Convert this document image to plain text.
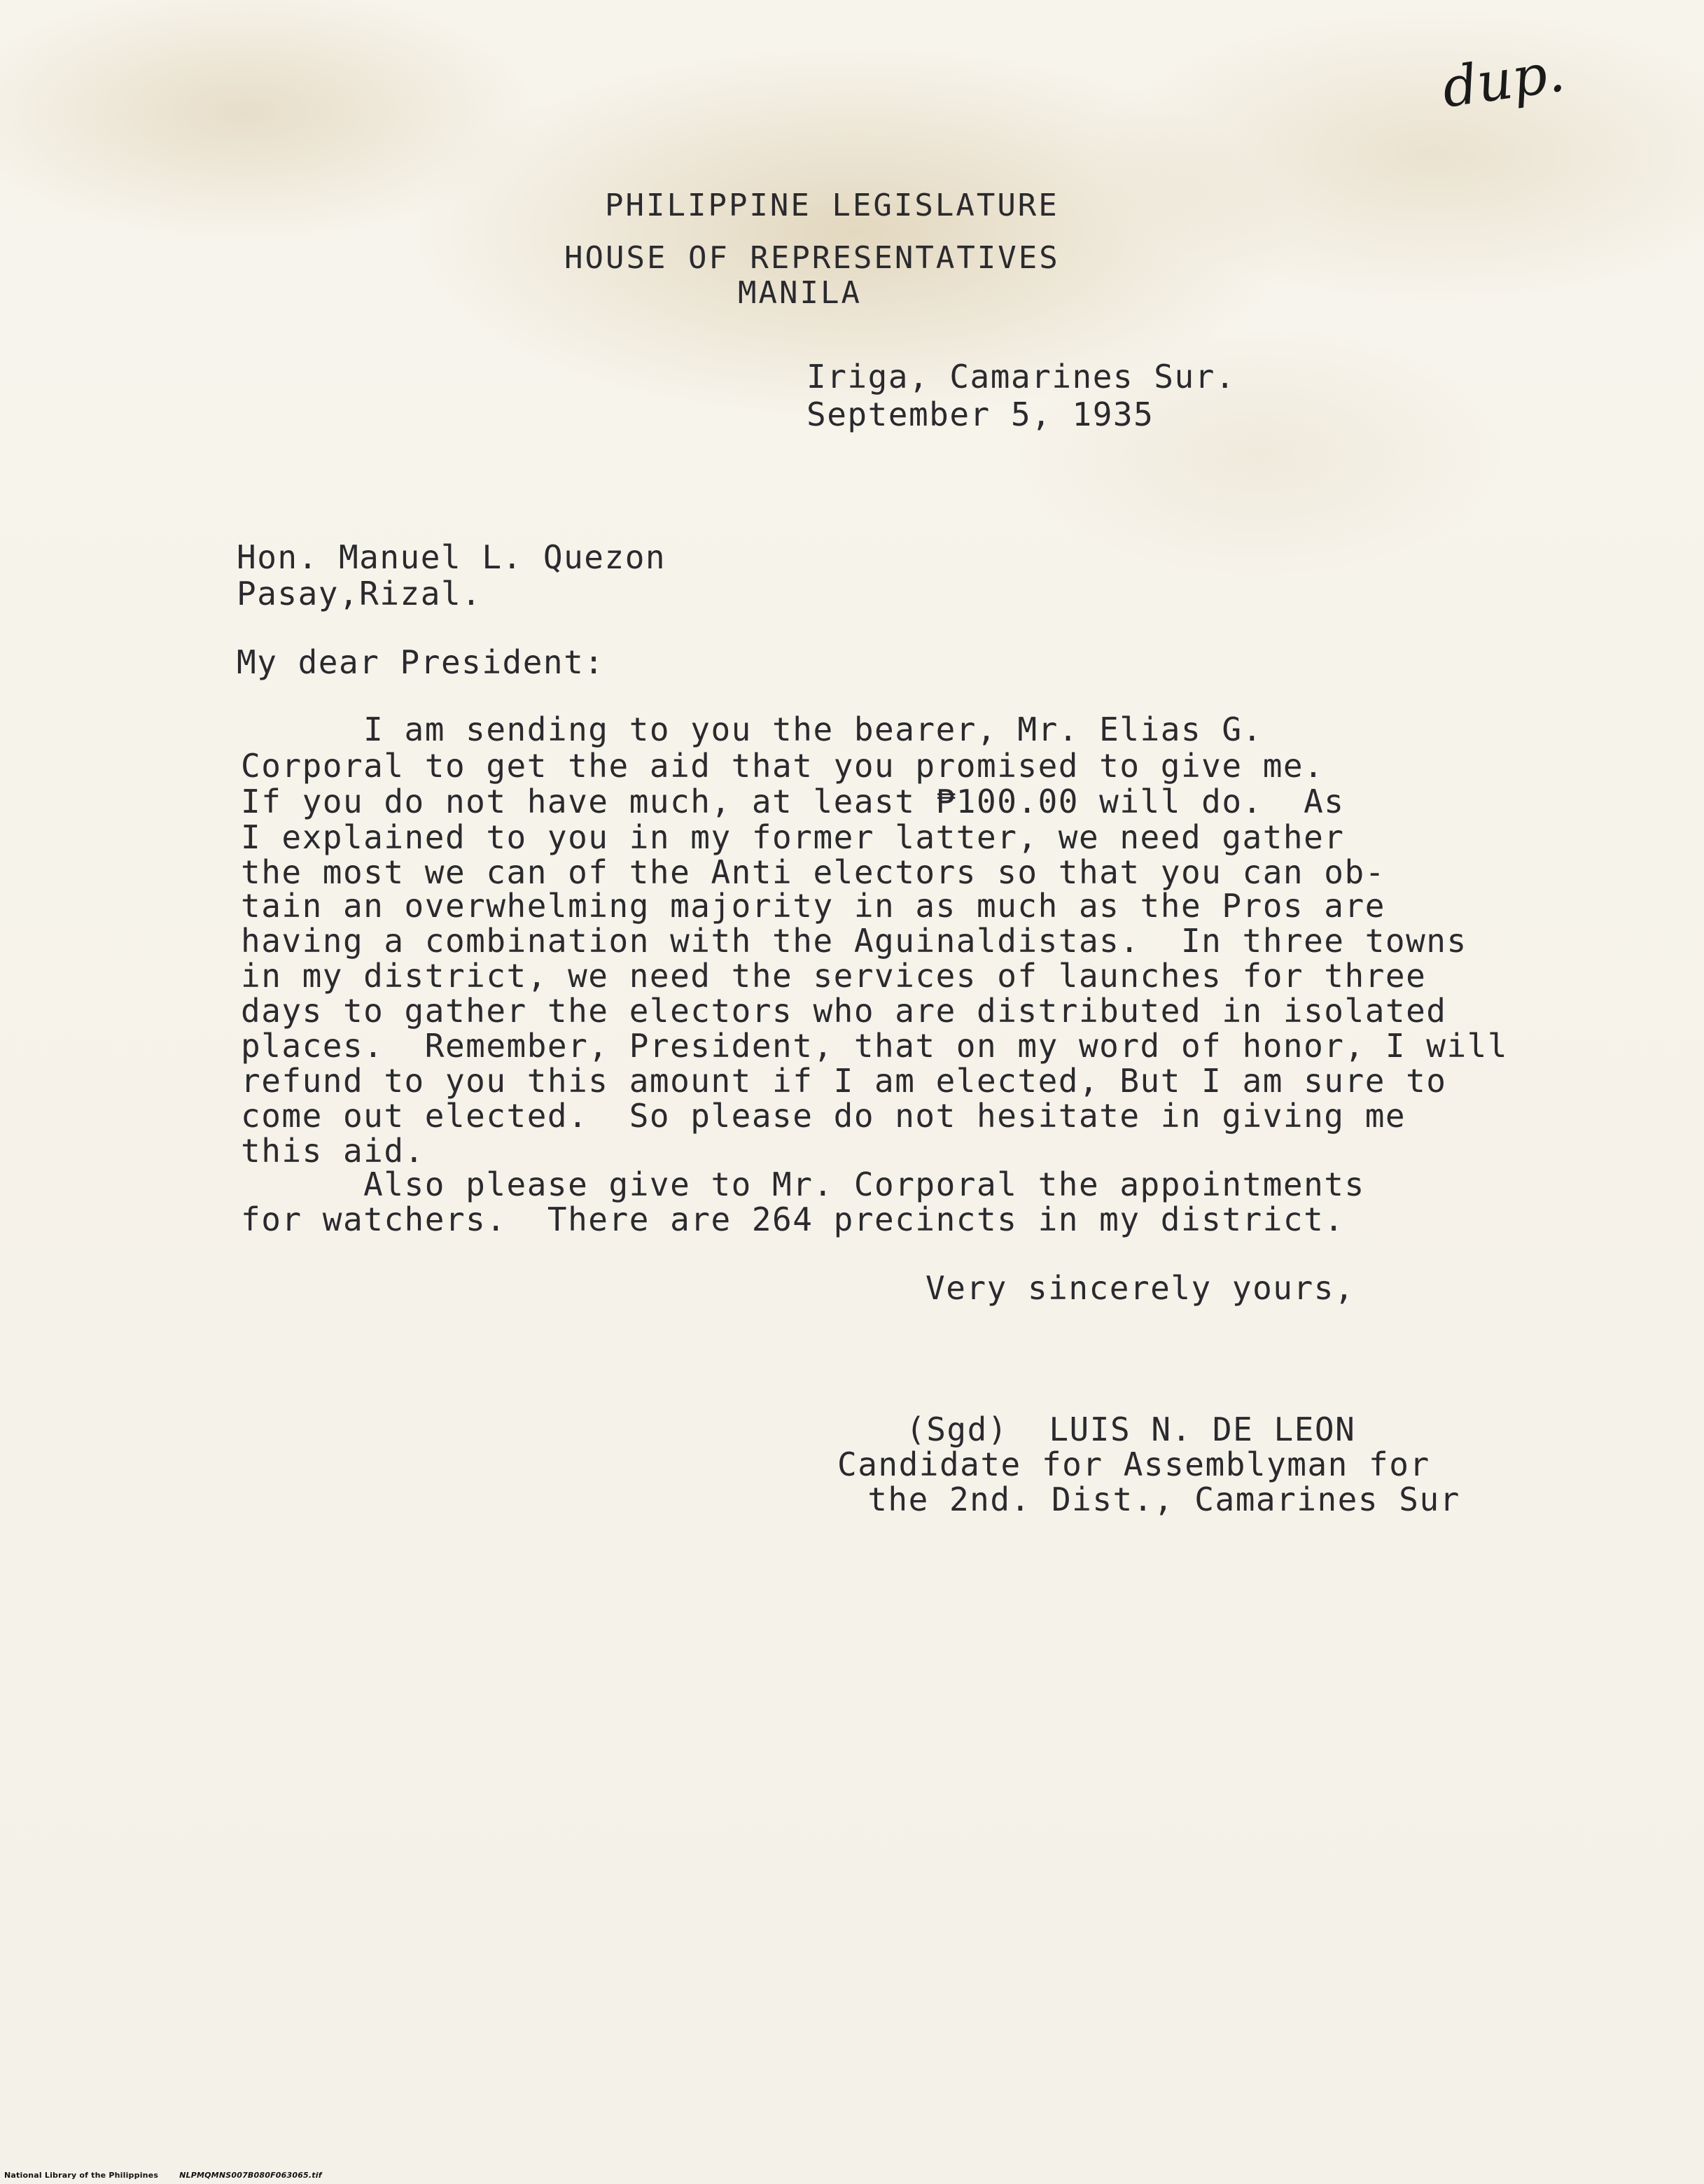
dup.
PHILIPPINE LEGISLATURE
HOUSE OF REPRESENTATIVES
MANILA
Iriga, Camarines Sur.
September 5, 1935
Hon. Manuel L. Quezon
Pasay,Rizal.
My dear President:
I am sending to you the bearer, Mr. Elias G.
Corporal to get the aid that you promised to give me.
If you do not have much, at least ₱100.00 will do.  As
I explained to you in my former latter, we need gather
the most we can of the Anti electors so that you can ob-
tain an overwhelming majority in as much as the Pros are
having a combination with the Aguinaldistas.  In three towns
in my district, we need the services of launches for three
days to gather the electors who are distributed in isolated
places.  Remember, President, that on my word of honor, I will
refund to you this amount if I am elected, But I am sure to
come out elected.  So please do not hesitate in giving me
this aid.
Also please give to Mr. Corporal the appointments
for watchers.  There are 264 precincts in my district.
Very sincerely yours,
(Sgd)  LUIS N. DE LEON
Candidate for Assemblyman for
the 2nd. Dist., Camarines Sur
National Library of the Philippines	NLPMQMNS007B080F063065.tif
